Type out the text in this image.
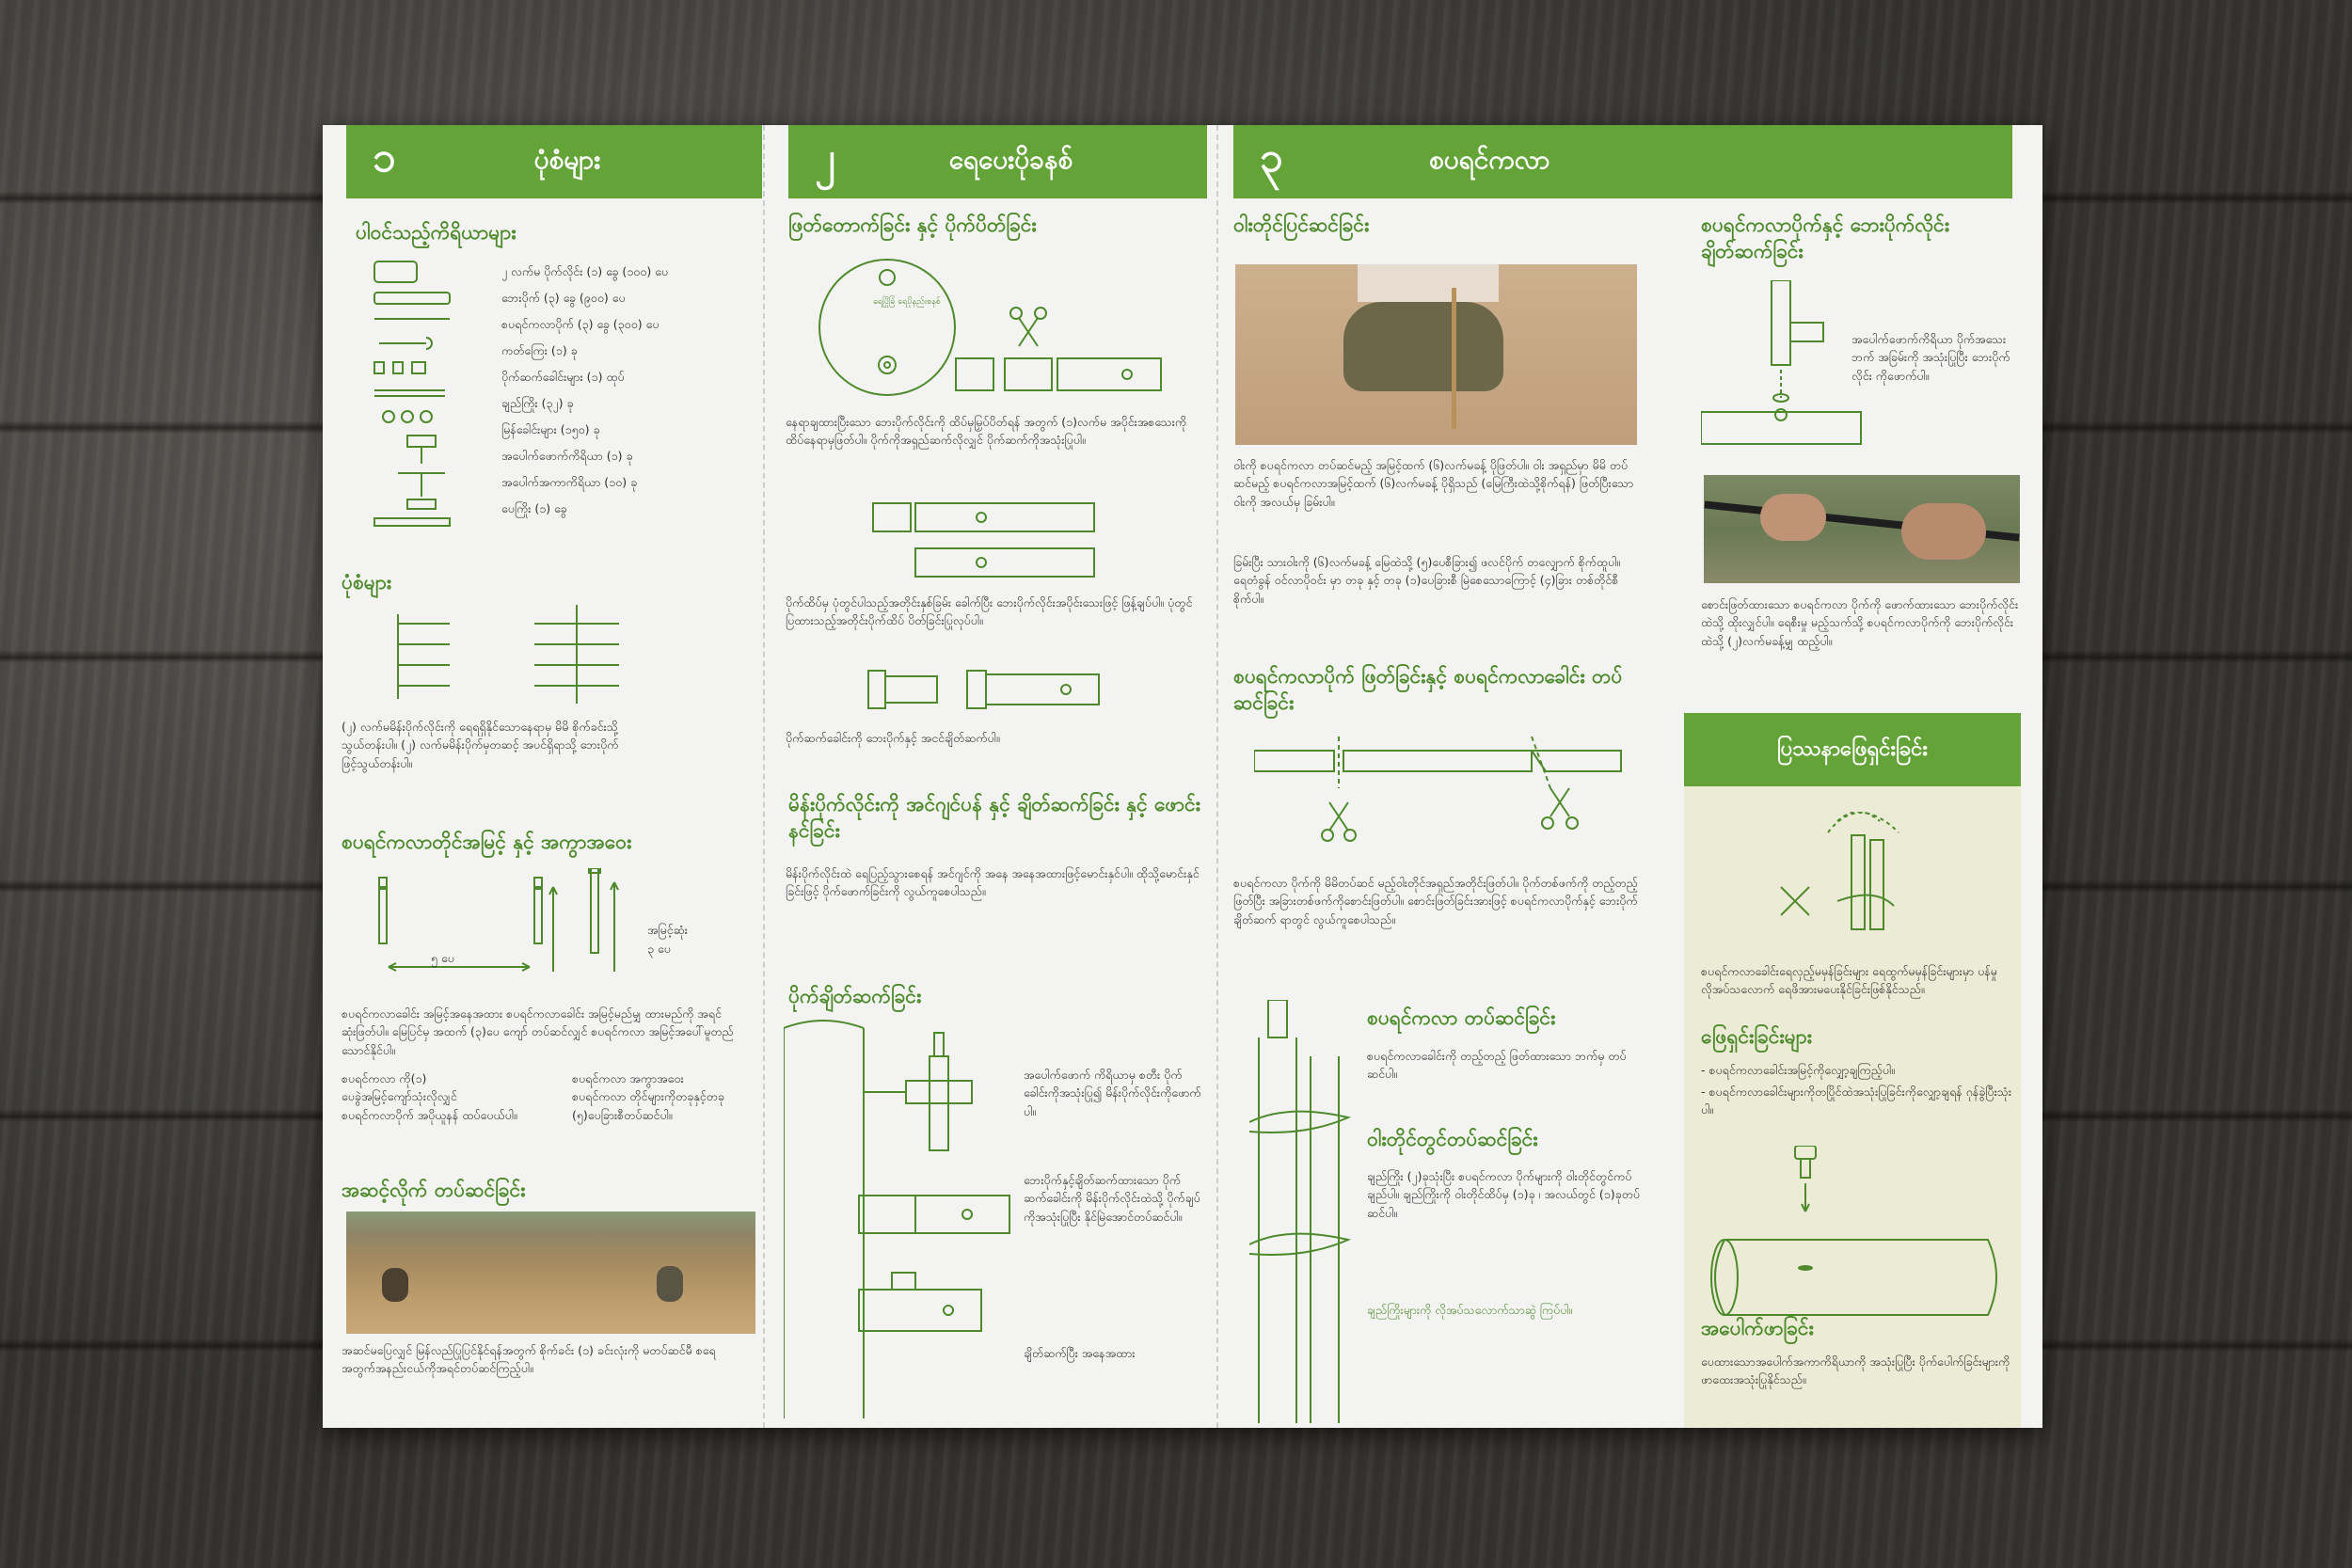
၁	ပုံစံများ
ပါဝင်သည့်ကိရိယာများ
၂ လက်မ ပိုက်လိုင်း (၁) ခွေ (၁၀၀) ပေ
ဘေးပိုက် (၃) ခွေ (၉၀၀) ပေ
စပရင်ကလာပိုက် (၃) ခွေ (၃၀၀) ပေ
ကတ်ကြေး (၁) ခု
ပိုက်ဆက်ခေါင်းများ (၁) ထုပ်
ချည်ကြိုး (၃၂) ခု
မြန်ခေါင်းများ (၁၅၀) ခု
အပေါက်ဖောက်ကိရိယာ (၁) ခု
အပေါက်အကာကိရိယာ (၁၀) ခု
ပေကြိုး (၁) ခွေ
ပုံစံများ
(၂) လက်မမိန်းပိုက်လိုင်းကို ရေရရှိနိုင်သောနေရာမှ မိမိ စိုက်ခင်းသို့သွယ်တန်းပါ။ (၂) လက်မမိန်းပိုက်မှတဆင့် အပင်ရှိရာသို့ ဘေးပိုက်ဖြင့်သွယ်တန်းပါ။
စပရင်ကလာတိုင်အမြင့် နှင့် အကွာအဝေး
၅ ပေ
အမြင့်ဆုံး
၃ ပေ
စပရင်ကလာခေါင်း အမြင့်အနေအထား စပရင်ကလာခေါင်း အမြင့်မည်မျှ ထားမည်ကို အရင်ဆုံးဖြတ်ပါ။ မြေပြင်မှ အထက် (၃)ပေ ကျော် တပ်ဆင်လျှင် စပရင်ကလာ အမြင့်အပေါ်မူတည်သောင်နိုင်ပါ။
စပရင်ကလာ ကို(၁)
ပေခွဲအမြင့်ကျော်သုံးလိုလျှင်
စပရင်ကလာပိုက် အပိုယူနန် ထပ်ပေယ်ပါ။
စပရင်ကလာ အကွာအဝေး
စပရင်ကလာ တိုင်များကိုတခုနှင့်တခု
(၅)ပေခြားစီတပ်ဆင်ပါ။
အဆင့်လိုက် တပ်ဆင်ခြင်း
အဆင်မပြေလျှင် မြန်လည်ပြုပြင်နိုင်ရန်အတွက် စိုက်ခင်း (၁) ခင်းလုံးကို မတပ်ဆင်မီ ​​​စရေအတွက်အနည်းငယ်ကိုအရင်တပ်ဆင်ကြည့်ပါ။
၂	ရေပေးပိုခနစ်
ဖြတ်တောက်ခြင်း နှင့် ပိုက်ပိတ်ခြင်း
ရေပြိုခြံ ရေပိုနည်းစနစ်
နေရာချထားပြီးသော ဘေးပိုက်လိုင်းကို ထိပ်မှမြှပ်ပိတ်ရန် အတွက် (၁)လက်မ အပိုင်းအစသေးကို ထိပ်နေရာမှဖြတ်ပါ။ ပိုက်ကိုအရှည်ဆက်လိုလျှင် ပိုက်ဆက်ကိုအသုံးပြုပါ။
ပိုက်ထိပ်မှ ပုံတွင်ပါသည့်အတိုင်းနှစ်ခြမ်း ခေါက်ပြီး ဘေးပိုက်လိုင်းအပိုင်းသေးဖြင့် ဖြန့်ချပ်ပါ။ ပုံတွင်ပြထားသည့်အတိုင်းပိုက်ထိပ် ပိတ်ခြင်းပြုလုပ်ပါ။
ပိုက်ဆက်ခေါင်းကို ဘေးပိုက်နှင့် အငင်ချိတ်ဆက်ပါ။
မိန်းပိုက်လိုင်းကို အင်ဂျင်ပန် နှင့် ချိတ်ဆက်ခြင်း နှင့် ဖောင်းနင်ခြင်း
မိန်းပိုက်လိုင်းထဲ ရေပြည့်သွားစေရန် အင်ဂျင်ကို အနေ အနေအထားဖြင့်မောင်းနှင်ပါ။ ထိုသို့မောင်းနှင်ခြင်းဖြင့် ပိုက်ဖောက်ခြင်းကို လွယ်ကူစေပါသည်။
ပိုက်ချိတ်ဆက်ခြင်း
အပေါက်ဖောက် ကိရိယာမှ စတီး ပိုက်ခေါင်းကိုအသုံးပြု၍ မိန်းပိုက်လိုင်းကိုဖောက်ပါ။
ဘေးပိုက်နှင့်ချိတ်ဆက်ထားသော ပိုက်ဆက်ခေါင်းကို မိန်းပိုက်လိုင်းထဲသို့ ပိုက်ချပ်ကိုအသုံးပြုပြီး နိုင်မြဲအောင်တပ်ဆင်ပါ။
ချိတ်ဆက်ပြီး အနေအထား
၃	စပရင်ကလာ
ဝါးတိုင်ပြင်ဆင်ခြင်း
ဝါးကို စပရင်ကလာ တပ်ဆင်မည့် အမြင့်ထက် (၆)လက်မခန့် ပိုဖြတ်ပါ။ ဝါး အရှည်မှာ မိမိ တပ်ဆင်မည့် စပရင်ကလာအမြင့်ထက် (၆)လက်မခန့် ပိုရှိသည် (မြေကြီးထဲသို့စိုက်ရန်) ဖြတ်ပြီးသော ဝါးကို အလယ်မှ ခြမ်းပါ။
ခြမ်းပြီး သားဝါးကို (၆)လက်မခန့် မြေထဲသို့ (၅)ပေစီခြား၍ ဖလင်ပိုက် တလျှောက် စိုက်ထူပါ။ ရေတံခွန် ဝင်လာပိုဝင်း မှာ တခု နှင့် တခု (၁)ပေခြားစီ မြဲစေသောကြောင့် (၄)ခြား တစ်တိုင်စီ စိုက်ပါ။
စပရင်ကလာပိုက် ဖြတ်ခြင်းနှင့် စပရင်ကလာခေါင်း တပ်ဆင်ခြင်း
စပရင်ကလာ ပိုက်ကို မိမိတပ်ဆင် မည့်ဝါးတိုင်အရှည်အတိုင်းဖြတ်ပါ။ ပိုက်တစ်ဖက်ကို တည့်တည့်ဖြတ်ပြီး အခြားတစ်ဖက်ကိုစောင်းဖြတ်ပါ။ စောင်းဖြတ်ခြင်းအားဖြင့် စပရင်ကလာပိုက်နှင့် ဘေးပိုက် ချိတ်ဆက် ရာတွင် လွယ်ကူစေပါသည်။
စပရင်ကလာ တပ်ဆင်ခြင်း
စပရင်ကလာခေါင်းကို တည့်တည့် ဖြတ်ထားသော ဘက်မှ တပ်ဆင်ပါ။
ဝါးတိုင်တွင်တပ်ဆင်ခြင်း
ချည်ကြိုး (၂)ခုသုံးပြီး စပရင်ကလာ ပိုက်များကို ဝါးတိုင်တွင်ကပ်ချည်ပါ။ ချည်ကြိုးကို ဝါးတိုင်ထိပ်မှ (၁)ခု ၊ အလယ်တွင် (၁)ခုတပ်ဆင်ပါ။
ချည်ကြိုးများကို လိုအပ်သလောက်သာဆွဲ ကြပ်ပါ။
စပရင်ကလာပိုက်နှင့် ဘေးပိုက်လိုင်း ချိတ်ဆက်ခြင်း
အပေါက်ဖောက်ကိရိယာ ပိုက်အသေးဘက် အခြမ်းကို အသုံးပြုပြီး ဘေးပိုက်လိုင်း ကိုဖောက်ပါ။
စောင်းဖြတ်ထားသော စပရင်ကလာ ပိုက်ကို ဖောက်ထားသော ဘေးပိုက်လိုင်းထဲသို့ ထိုးလျှင်ပါ။ ရေစီးမှု မည့်သက်သို့ စပရင်ကလာပိုက်ကို ဘေးပိုက်လိုင်းထဲသို့ (၂)လက်မခန့်မျှ ထည့်ပါ။
ပြဿနာဖြေရှင်းခြင်း
စပရင်ကလာခေါင်းရေလှည့်မမှန်ခြင်းများ ရေထွက်မမှန်ခြင်းများမှာ ပန်မှု လိုအပ်သလောက် ရေဖိအားမပေးနိုင်ခြင်းဖြစ်နိုင်သည်။
ဖြေရှင်းခြင်းများ
- စပရင်ကလာခေါင်းအမြင့်ကိုလျှော့ချကြည့်ပါ။
- စပရင်ကလာခေါင်းများကိုတပြိုင်ထဲအသုံးပြုခြင်းကိုလျှော့ချရန် ဂုန်ခွဲပြီးသုံးပါ။
အပေါက်ဖာခြင်း
ပေထားသောအပေါက်အကာကိရိယာကို အသုံးပြုပြီး ပိုက်ပေါက်ခြင်းများကို ဖာထေးအသုံးပြုနိုင်သည်။
